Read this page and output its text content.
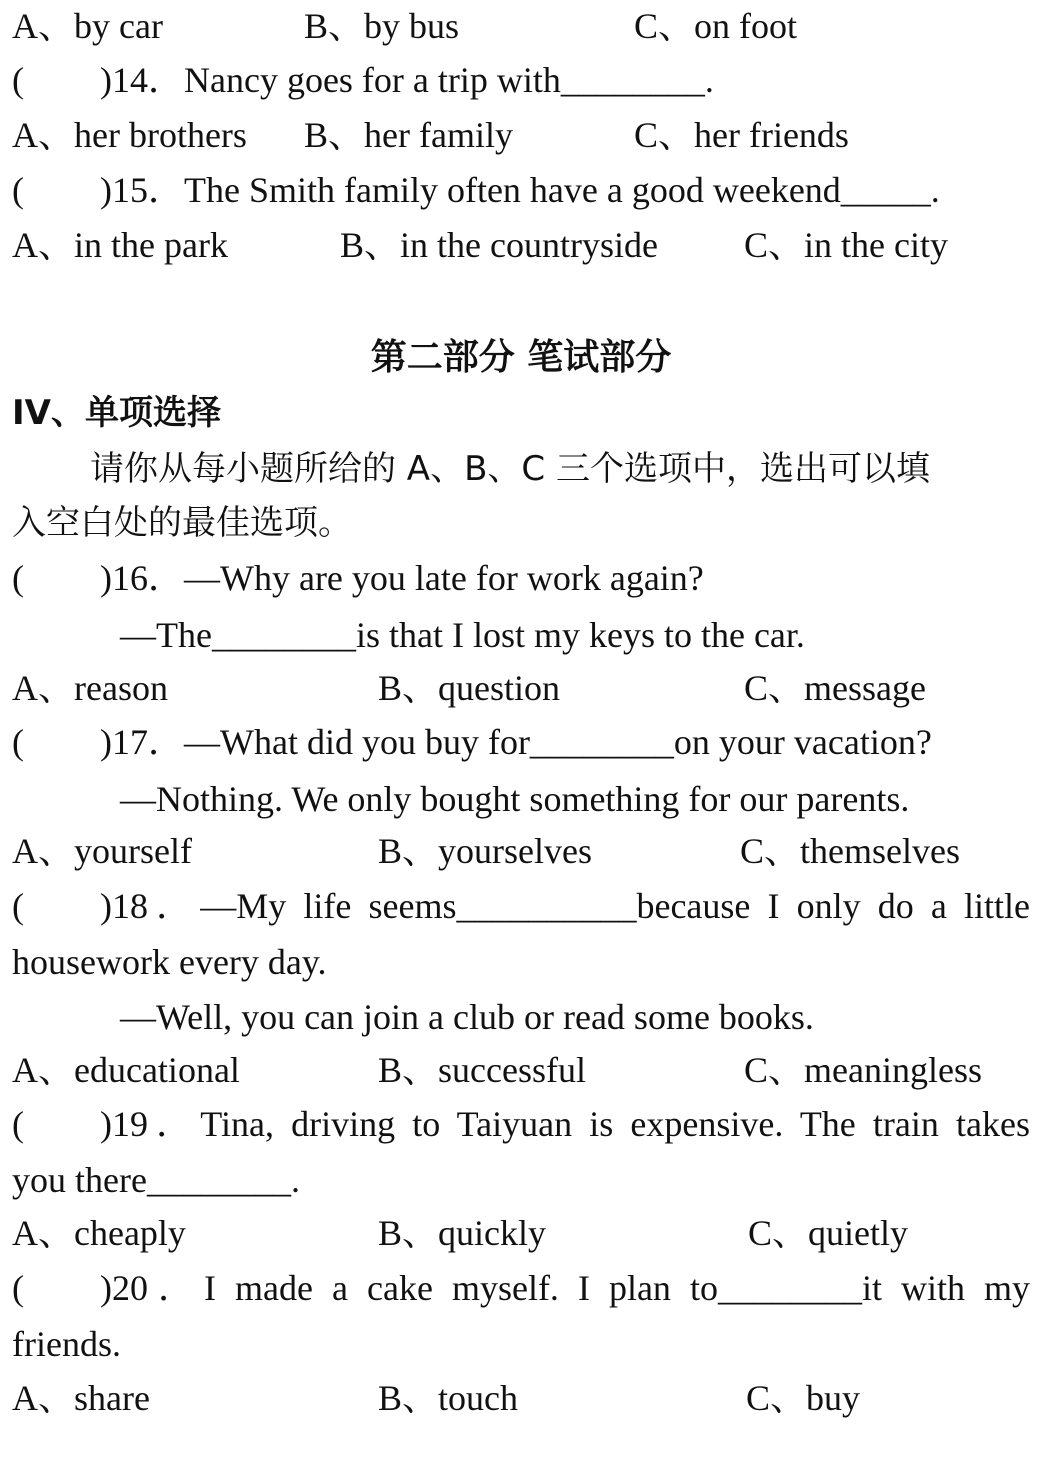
A、by car	B、by bus	C、on foot
( )14．Nancy goes for a trip with________.
A、her brothers B、her family	C、her friends
( )15．The Smith family often have a good weekend_____.
A、in the park	B、in the countryside C、in the city
第二部分 笔试部分
IV、单项选择
请你从每小题所给的 A、B、C 三个选项中，选出可以填
入空白处的最佳选项。
( )16．—Why are you late for work again?
—The________is that I lost my keys to the car.
A、reason	B、question	C、message
( )17．—What did you buy for________on your vacation?
—Nothing. We only bought something for our parents.
A、yourself	B、yourselves	C、themselves
( )18．—My life seems__________because I only do a little
housework every day.
—Well, you can join a club or read some books.
A、educational	B、successful	C、meaningless
( )19．Tina, driving to Taiyuan is expensive. The train takes
you there________.
A、cheaply	B、quickly	C、quietly
( )20．I made a cake myself. I plan to________it with my
friends.
A、share	B、touch	C、buy
